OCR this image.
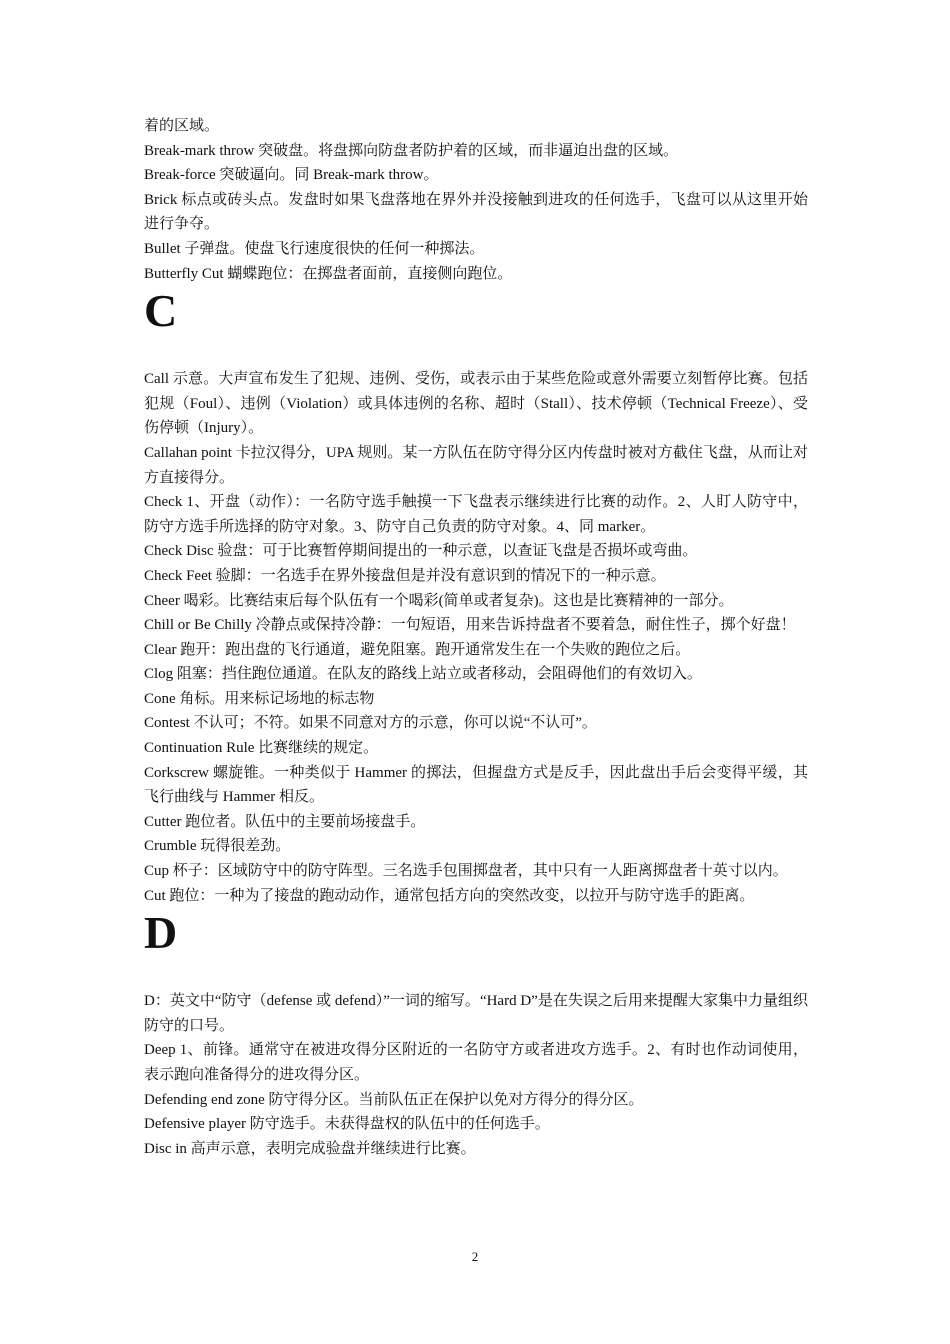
着的区域。

Break-mark throw 突破盘。将盘掷向防盘者防护着的区域，而非逼迫出盘的区域。

Break-force 突破逼向。同 Break-mark throw。

Brick 标点或砖头点。发盘时如果飞盘落地在界外并没接触到进攻的任何选手，飞盘可以从这里开始进行争夺。

Bullet 子弹盘。使盘飞行速度很快的任何一种掷法。

Butterfly Cut 蝴蝶跑位：在掷盘者面前，直接侧向跑位。

C

Call 示意。大声宣布发生了犯规、违例、受伤，或表示由于某些危险或意外需要立刻暂停比赛。包括犯规（Foul）、违例（Violation）或具体违例的名称、超时（Stall）、技术停顿（Technical Freeze）、受伤停顿（Injury）。

Callahan point 卡拉汉得分，UPA 规则。某一方队伍在防守得分区内传盘时被对方截住飞盘，从而让对方直接得分。

Check 1、开盘（动作）：一名防守选手触摸一下飞盘表示继续进行比赛的动作。2、人盯人防守中，防守方选手所选择的防守对象。3、防守自己负责的防守对象。4、同 marker。

Check Disc 验盘：可于比赛暂停期间提出的一种示意，以查证飞盘是否损坏或弯曲。

Check Feet 验脚：一名选手在界外接盘但是并没有意识到的情况下的一种示意。

Cheer 喝彩。比赛结束后每个队伍有一个喝彩(简单或者复杂)。这也是比赛精神的一部分。

Chill or Be Chilly 冷静点或保持冷静：一句短语，用来告诉持盘者不要着急，耐住性子，掷个好盘！

Clear 跑开：跑出盘的飞行通道，避免阻塞。跑开通常发生在一个失败的跑位之后。

Clog 阻塞：挡住跑位通道。在队友的路线上站立或者移动，会阻碍他们的有效切入。

Cone 角标。用来标记场地的标志物

Contest 不认可；不符。如果不同意对方的示意，你可以说“不认可”。

Continuation Rule 比赛继续的规定。

Corkscrew 螺旋锥。一种类似于 Hammer 的掷法，但握盘方式是反手，因此盘出手后会变得平缓，其飞行曲线与 Hammer 相反。

Cutter 跑位者。队伍中的主要前场接盘手。

Crumble 玩得很差劲。

Cup 杯子：区域防守中的防守阵型。三名选手包围掷盘者，其中只有一人距离掷盘者十英寸以内。

Cut 跑位：一种为了接盘的跑动动作，通常包括方向的突然改变，以拉开与防守选手的距离。

D

D：英文中“防守（defense 或 defend）”一词的缩写。“Hard D”是在失误之后用来提醒大家集中力量组织防守的口号。

Deep 1、前锋。通常守在被进攻得分区附近的一名防守方或者进攻方选手。2、有时也作动词使用，表示跑向准备得分的进攻得分区。

Defending end zone 防守得分区。当前队伍正在保护以免对方得分的得分区。

Defensive player 防守选手。未获得盘权的队伍中的任何选手。

Disc in 高声示意，表明完成验盘并继续进行比赛。

2
